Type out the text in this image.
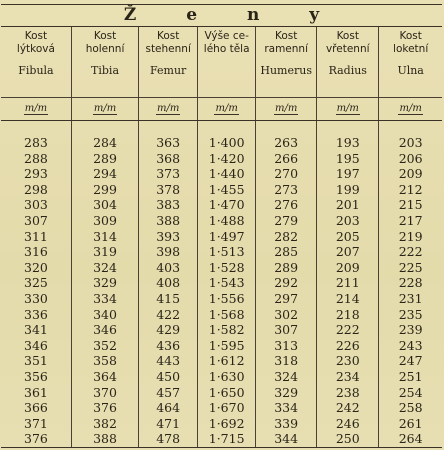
Ž e n y						

Kost
lýtková
Fibula	Kost
holenní
Tibia	Kost
stehenní
Femur	Výše ce-
lého těla	Kost
ramenní
Humerus	Kost
vřetenní
Radius	Kost
loketní
Ulna

m/m	m/m	m/m	m/m	m/m	m/m	m/m

283	284	363	1·400	263	193	203
288	289	368	1·420	266	195	206
293	294	373	1·440	270	197	209
298	299	378	1·455	273	199	212
303	304	383	1·470	276	201	215
307	309	388	1·488	279	203	217
311	314	393	1·497	282	205	219
316	319	398	1·513	285	207	222
320	324	403	1·528	289	209	225
325	329	408	1·543	292	211	228
330	334	415	1·556	297	214	231
336	340	422	1·568	302	218	235
341	346	429	1·582	307	222	239
346	352	436	1·595	313	226	243
351	358	443	1·612	318	230	247
356	364	450	1·630	324	234	251
361	370	457	1·650	329	238	254
366	376	464	1·670	334	242	258
371	382	471	1·692	339	246	261
376	388	478	1·715	344	250	264
